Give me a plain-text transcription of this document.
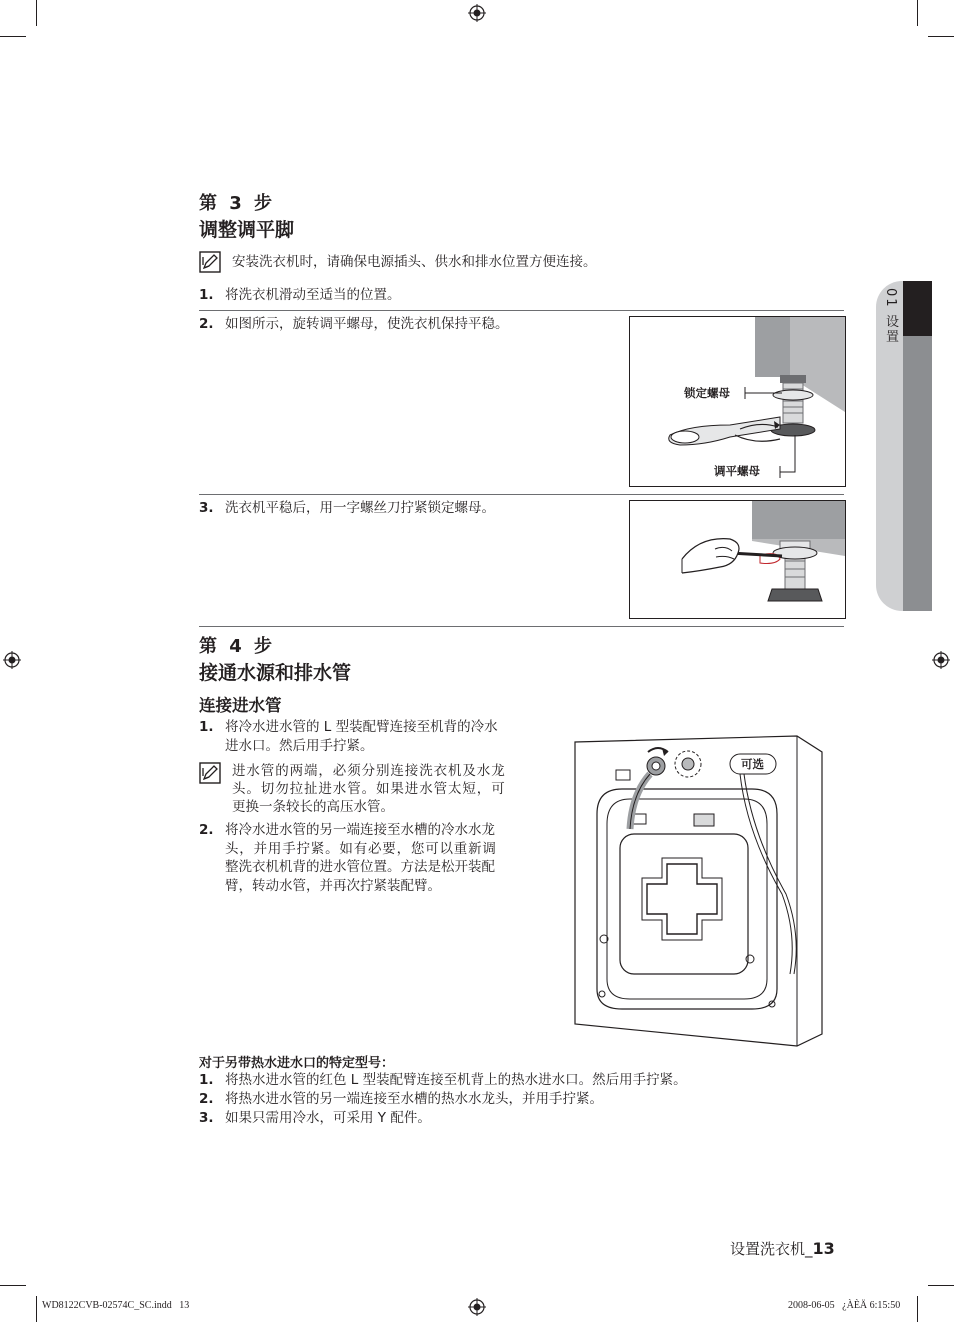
01 设置
第 3 步
调整调平脚
安装洗衣机时，请确保电源插头、供水和排水位置方便连接。
1. 将洗衣机滑动至适当的位置。
2. 如图所示，旋转调平螺母，使洗衣机保持平稳。
锁定螺母
调平螺母
3. 洗衣机平稳后，用一字螺丝刀拧紧锁定螺母。
第 4 步
接通水源和排水管
连接进水管
1. 将冷水进水管的 L 型装配臂连接至机背的冷水
进水口。然后用手拧紧。
进水管的两端，必须分别连接洗衣机及水龙
头。切勿拉扯进水管。如果进水管太短，可
更换一条较长的高压水管。
2. 将冷水进水管的另一端连接至水槽的冷水水龙
头，并用手拧紧。如有必要，您可以重新调
整洗衣机机背的进水管位置。方法是松开装配
臂，转动水管，并再次拧紧装配臂。
可选
对于另带热水进水口的特定型号：
1. 将热水进水管的红色 L 型装配臂连接至机背上的热水进水口。然后用手拧紧。
2. 将热水进水管的另一端连接至水槽的热水水龙头，并用手拧紧。
3. 如果只需用冷水，可采用 Y 配件。
设置洗衣机_13
WD8122CVB-02574C_SC.indd   13	2008-06-05   ¿ÀÈÄ 6:15:50
